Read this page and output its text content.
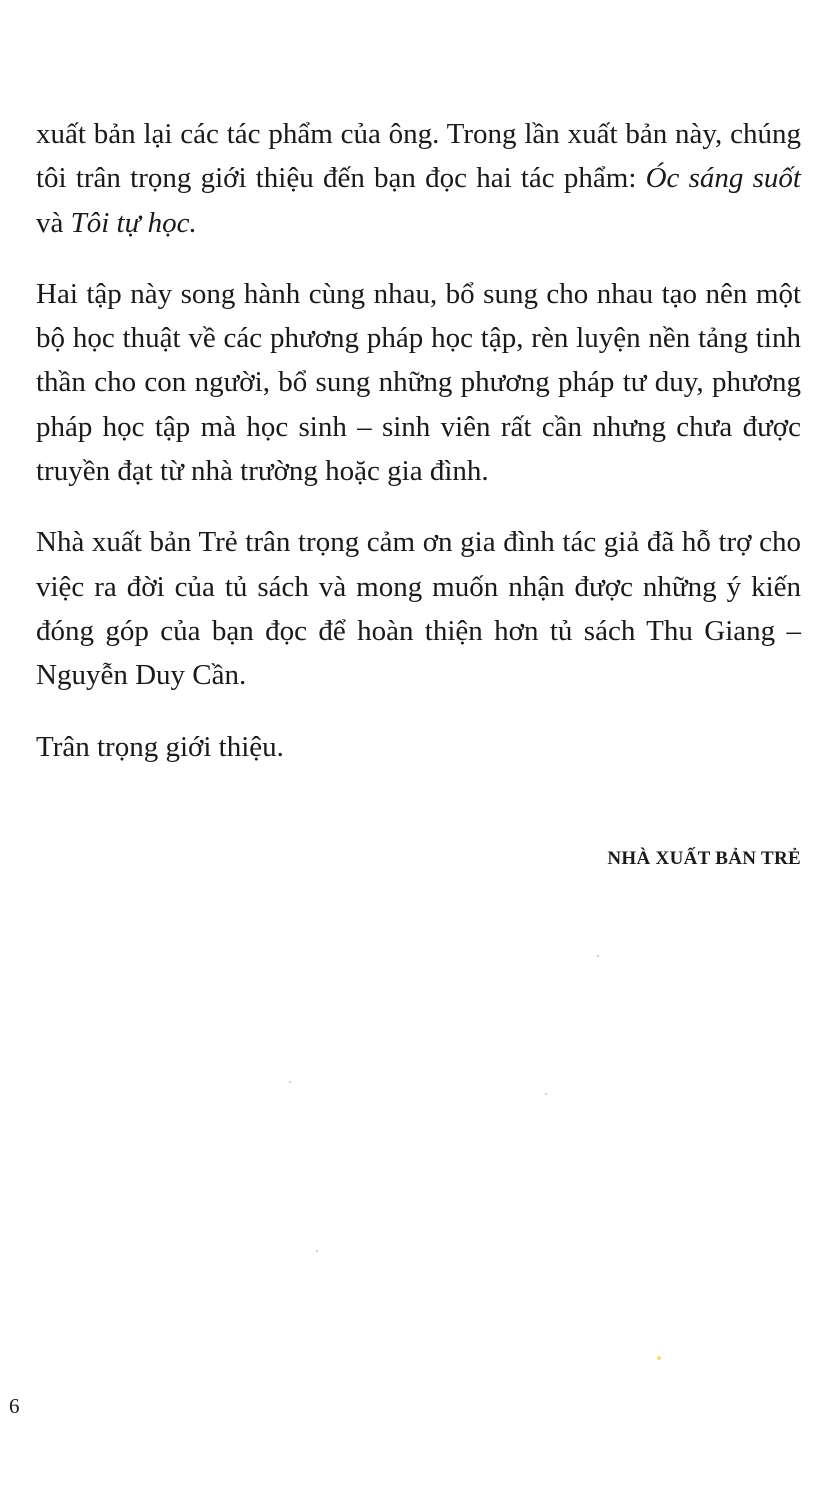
xuất bản lại các tác phẩm của ông. Trong lần xuất bản này, chúng tôi trân trọng giới thiệu đến bạn đọc hai tác phẩm: Óc sáng suốt và Tôi tự học.

Hai tập này song hành cùng nhau, bổ sung cho nhau tạo nên một bộ học thuật về các phương pháp học tập, rèn luyện nền tảng tinh thần cho con người, bổ sung những phương pháp tư duy, phương pháp học tập mà học sinh – sinh viên rất cần nhưng chưa được truyền đạt từ nhà trường hoặc gia đình.

Nhà xuất bản Trẻ trân trọng cảm ơn gia đình tác giả đã hỗ trợ cho việc ra đời của tủ sách và mong muốn nhận được những ý kiến đóng góp của bạn đọc để hoàn thiện hơn tủ sách Thu Giang – Nguyễn Duy Cần.

Trân trọng giới thiệu.

NHÀ XUẤT BẢN TRẺ
6
